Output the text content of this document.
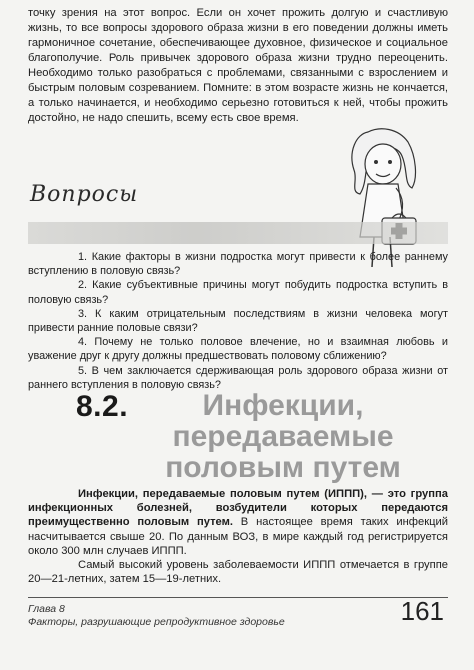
точку зрения на этот вопрос. Если он хочет прожить долгую и счастливую жизнь, то все вопросы здорового образа жизни в его поведении должны иметь гармоничное сочетание, обеспечивающее духовное, физическое и социальное благополучие. Роль привычек здорового образа жизни трудно переоценить. Необходимо только разобраться с проблемами, связанными с взрослением и быстрым половым созреванием. Помните: в этом возрасте жизнь не кончается, а только начинается, и необходимо серьезно готовиться к ней, чтобы прожить достойно, не надо спешить, всему есть свое время.

Вопросы

1. Какие факторы в жизни подростка могут привести к более раннему вступлению в половую связь?

2. Какие субъективные причины могут побудить подростка вступить в половую связь?

3. К каким отрицательным последствиям в жизни человека могут привести ранние половые связи?

4. Почему не только половое влечение, но и взаимная любовь и уважение друг к другу должны предшествовать половому сближению?

5. В чем заключается сдерживающая роль здорового образа жизни от раннего вступления в половую связь?

8.2.	Инфекции, передаваемые половым путем

Инфекции, передаваемые половым путем (ИППП), — это группа инфекционных болезней, возбудители которых передаются преимущественно половым путем. В настоящее время таких инфекций насчитывается свыше 20. По данным ВОЗ, в мире каждый год регистрируется около 300 млн случаев ИППП.

Самый высокий уровень заболеваемости ИППП отмечается в группе 20—21-летних, затем 15—19-летних.

Глава 8
Факторы, разрушающие репродуктивное здоровье	161
